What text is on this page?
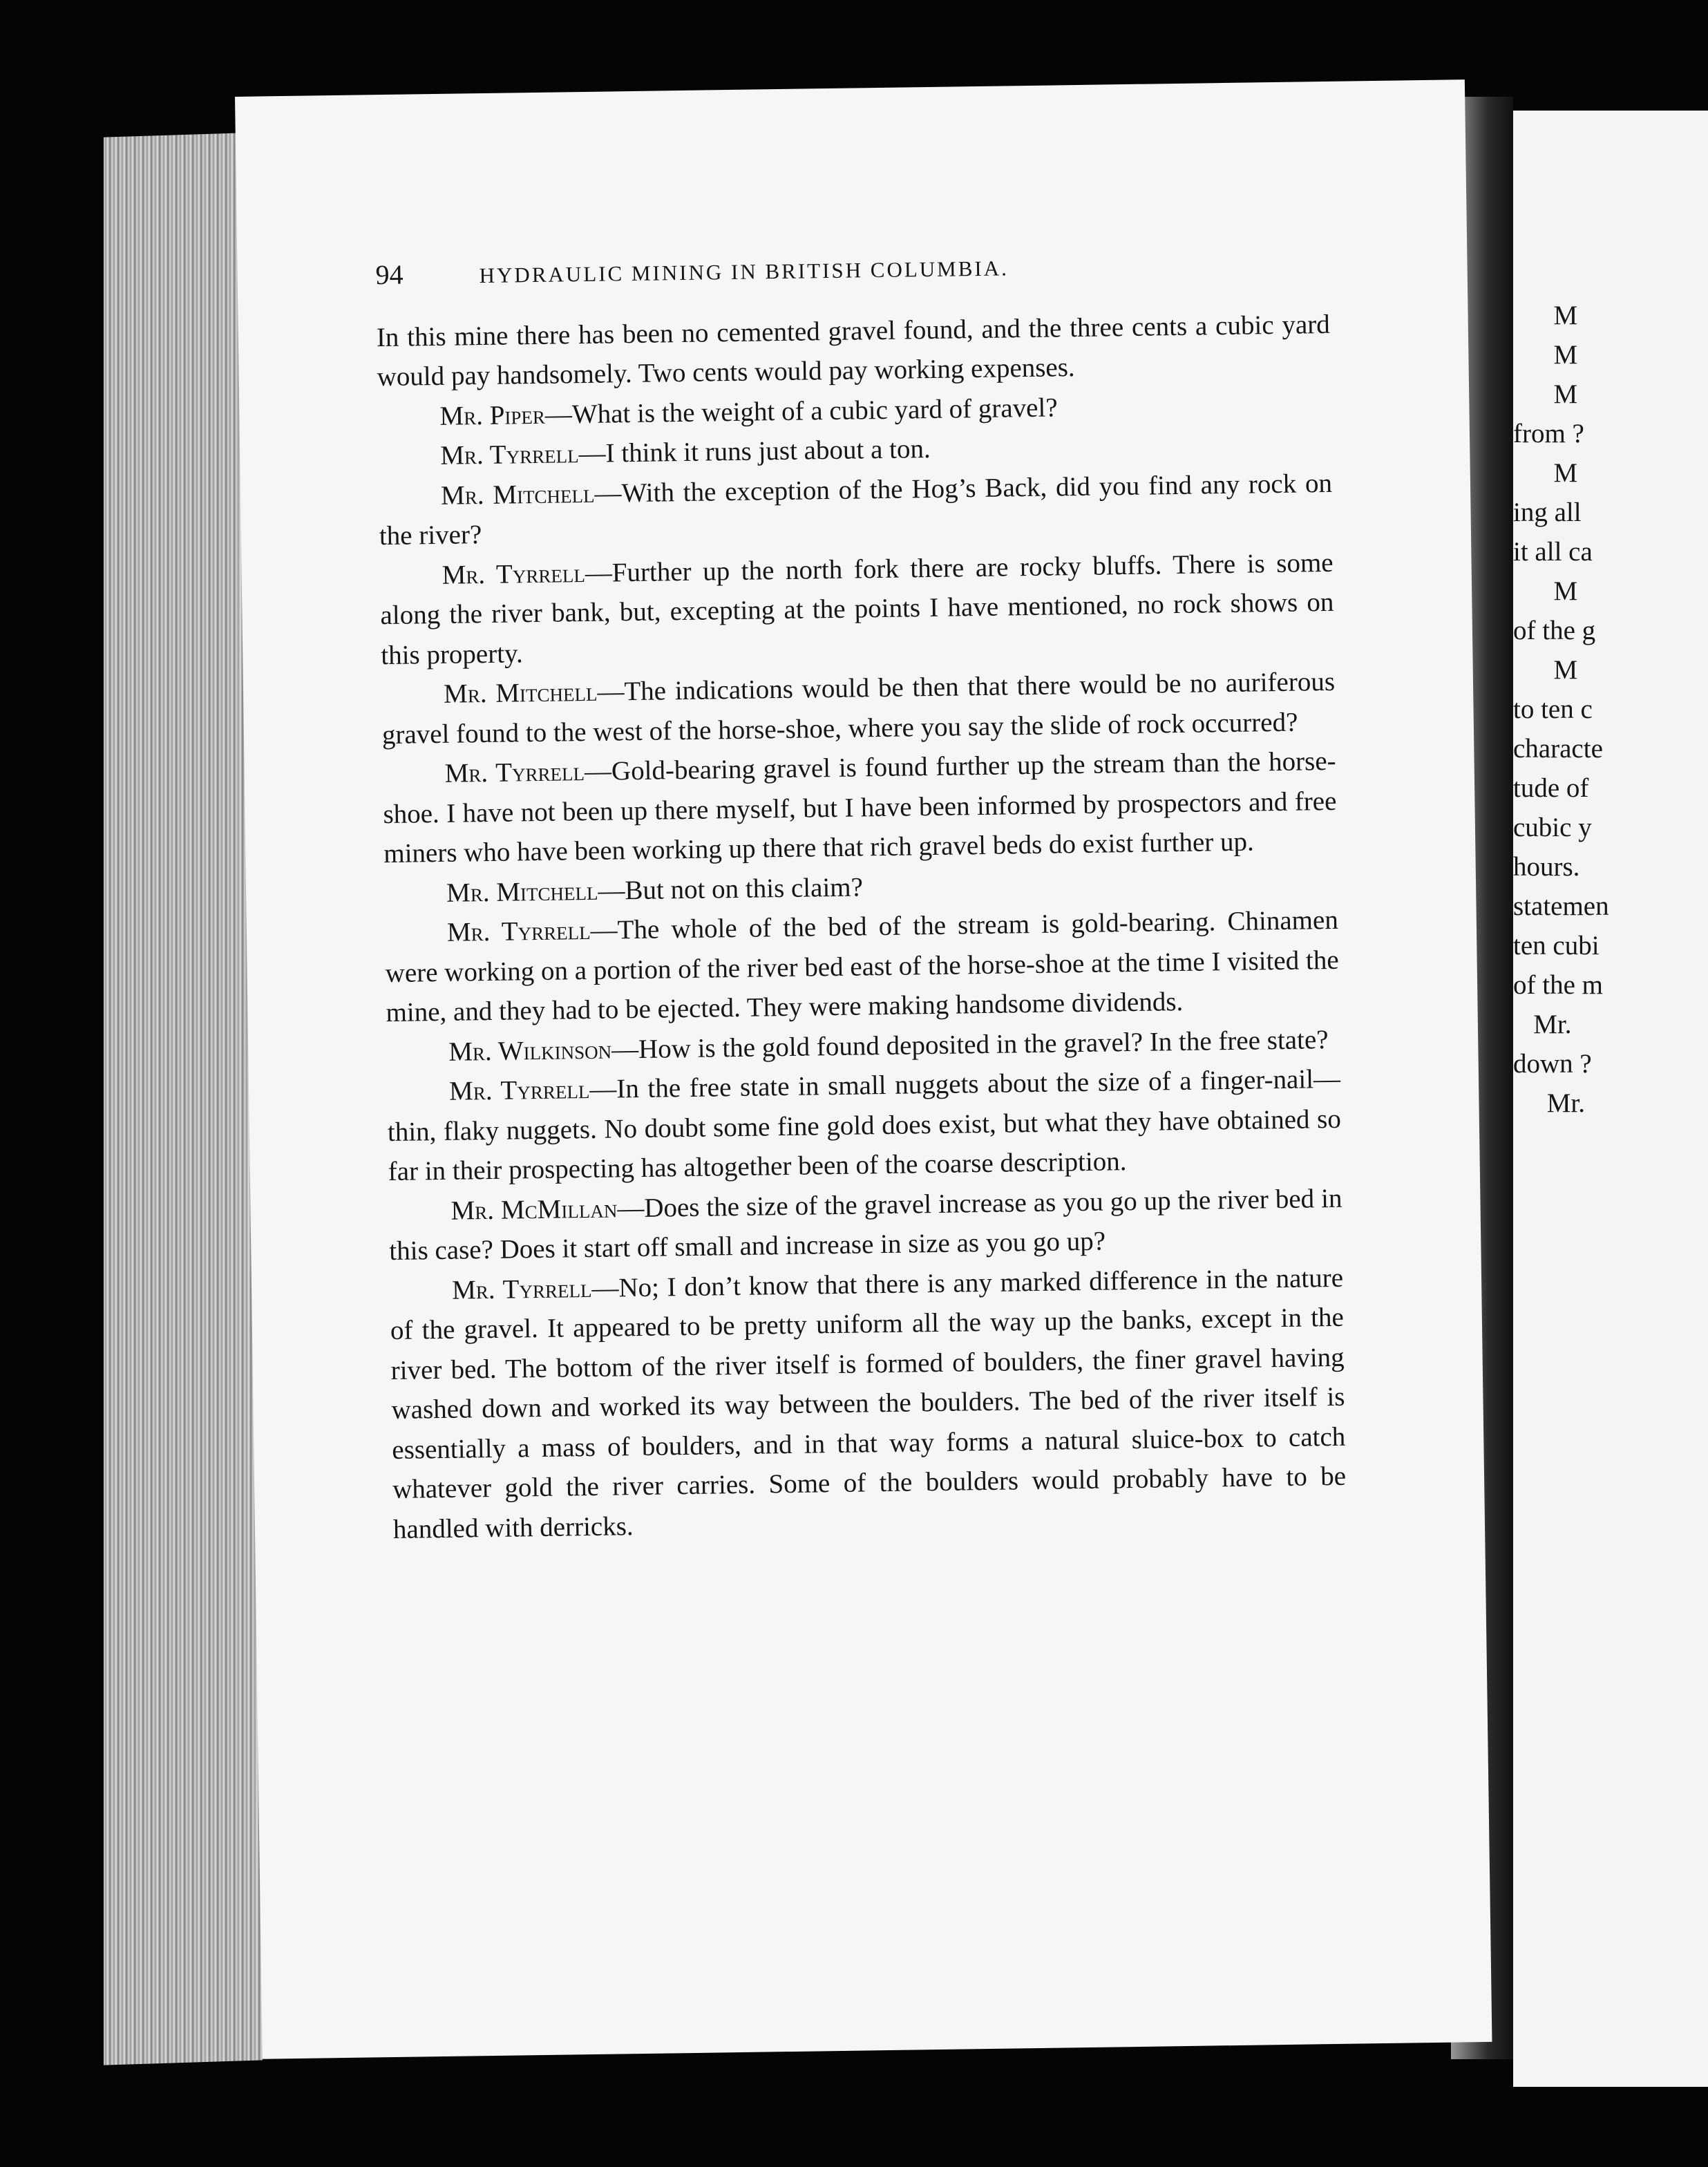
94	HYDRAULIC MINING IN BRITISH COLUMBIA.

In this mine there has been no cemented gravel found, and the three cents a cubic yard would pay handsomely. Two cents would pay working expenses.

Mr. Piper—What is the weight of a cubic yard of gravel?

Mr. Tyrrell—I think it runs just about a ton.

Mr. Mitchell—With the exception of the Hog’s Back, did you find any rock on the river?

Mr. Tyrrell—Further up the north fork there are rocky bluffs. There is some along the river bank, but, excepting at the points I have mentioned, no rock shows on this property.

Mr. Mitchell—The indications would be then that there would be no auriferous gravel found to the west of the horse-shoe, where you say the slide of rock occurred?

Mr. Tyrrell—Gold-bearing gravel is found further up the stream than the horse-shoe. I have not been up there myself, but I have been informed by prospectors and free miners who have been working up there that rich gravel beds do exist further up.

Mr. Mitchell—But not on this claim?

Mr. Tyrrell—The whole of the bed of the stream is gold-bearing. Chinamen were working on a portion of the river bed east of the horse-shoe at the time I visited the mine, and they had to be ejected. They were making handsome dividends.

Mr. Wilkinson—How is the gold found deposited in the gravel? In the free state?

Mr. Tyrrell—In the free state in small nuggets about the size of a finger-nail—thin, flaky nuggets. No doubt some fine gold does exist, but what they have obtained so far in their prospecting has altogether been of the coarse description.

Mr. McMillan—Does the size of the gravel increase as you go up the river bed in this case? Does it start off small and increase in size as you go up?

Mr. Tyrrell—No; I don’t know that there is any marked difference in the nature of the gravel. It appeared to be pretty uniform all the way up the banks, except in the river bed. The bottom of the river itself is formed of boulders, the finer gravel having washed down and worked its way between the boulders. The bed of the river itself is essentially a mass of boulders, and in that way forms a natural sluice-box to catch whatever gold the river carries. Some of the boulders would probably have to be handled with derricks.

M
M
M
from ?
M
ing all
it all ca
M
of the g
M
to ten c
characte
tude of
cubic y
hours.
statemen
ten cubi
of the m
Mr.
down ?
Mr.
